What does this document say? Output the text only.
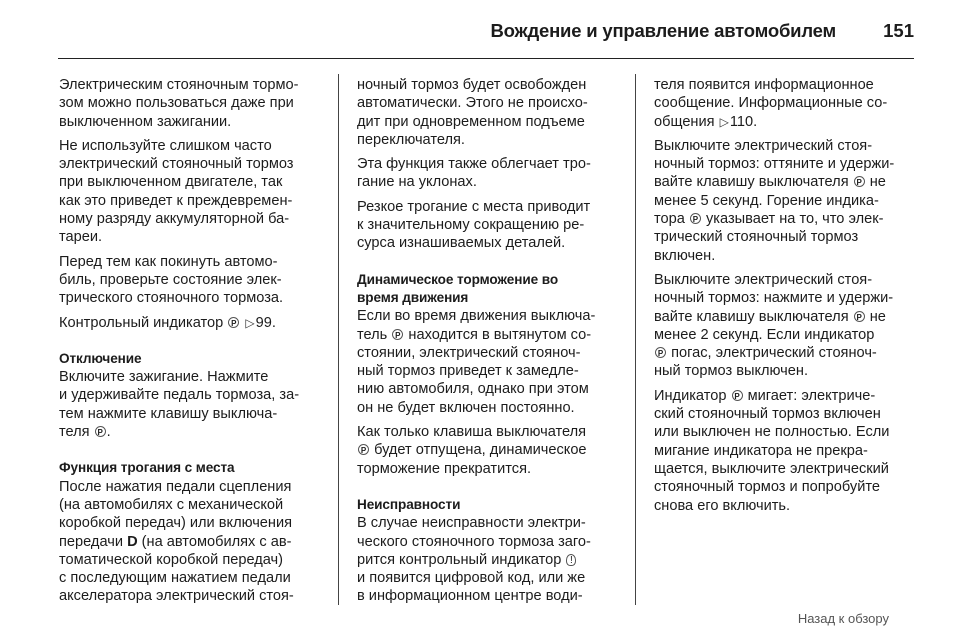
Вождение и управление автомобилем	151
Электрическим стояночным тормо-
зом можно пользоваться даже при
выключенном зажигании.
Не используйте слишком часто
электрический стояночный тормоз
при выключенном двигателе, так
как это приведет к преждевремен-
ному разряду аккумуляторной ба-
тареи.
Перед тем как покинуть автомо-
биль, проверьте состояние элек-
трического стояночного тормоза.
Контрольный индикатор P ▷99.
Отключение
Включите зажигание. Нажмите
и удерживайте педаль тормоза, за-
тем нажмите клавишу выключа-
теля P .
Функция трогания с места
После нажатия педали сцепления
(на автомобилях с механической
коробкой передач) или включения
передачи D (на автомобилях с ав-
томатической коробкой передач)
с последующим нажатием педали
акселератора электрический стоя-
ночный тормоз будет освобожден
автоматически. Этого не происхо-
дит при одновременном подъеме
переключателя.
Эта функция также облегчает тро-
гание на уклонах.
Резкое трогание с места приводит
к значительному сокращению ре-
сурса изнашиваемых деталей.
Динамическое торможение во
время движения
Если во время движения выключа-
тель P находится в вытянутом со-
стоянии, электрический стояноч-
ный тормоз приведет к замедле-
нию автомобиля, однако при этом
он не будет включен постоянно.
Как только клавиша выключателя
P будет отпущена, динамическое
торможение прекратится.
Неисправности
В случае неисправности электри-
ческого стояночного тормоза заго-
рится контрольный индикатор !
и появится цифровой код, или же
в информационном центре води-
теля появится информационное
сообщение. Информационные со-
общения ▷110.
Выключите электрический стоя-
ночный тормоз: оттяните и удержи-
вайте клавишу выключателя P не
менее 5 секунд. Горение индика-
тора P указывает на то, что элек-
трический стояночный тормоз
включен.
Выключите электрический стоя-
ночный тормоз: нажмите и удержи-
вайте клавишу выключателя P не
менее 2 секунд. Если индикатор
P погас, электрический стояноч-
ный тормоз выключен.
Индикатор P мигает: электриче-
ский стояночный тормоз включен
или выключен не полностью. Если
мигание индикатора не прекра-
щается, выключите электрический
стояночный тормоз и попробуйте
снова его включить.
Назад к обзору
